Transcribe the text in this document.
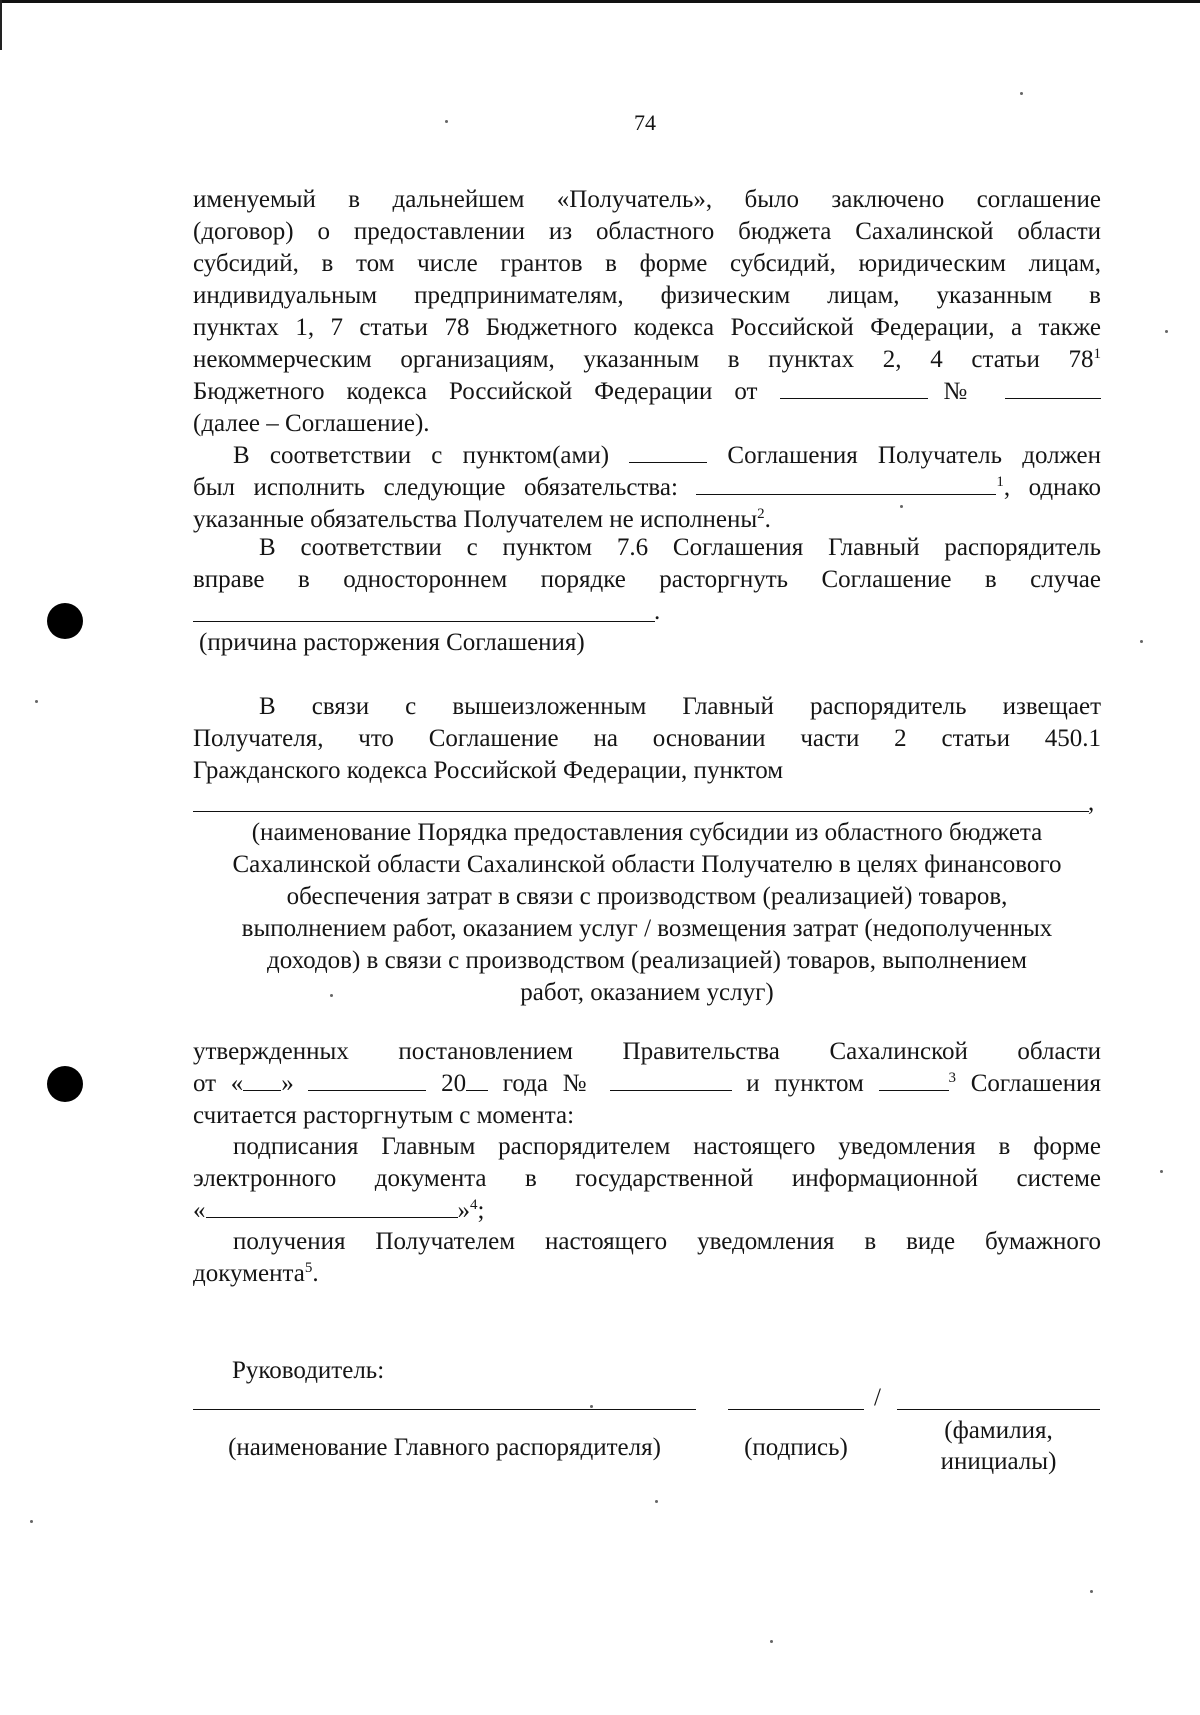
74
именуемый в дальнейшем «Получатель», было заключено соглашение
(договор) о предоставлении из областного бюджета Сахалинской области
субсидий, в том числе грантов в форме субсидий, юридическим лицам,
индивидуальным предпринимателям, физическим лицам, указанным в
пунктах 1, 7 статьи 78 Бюджетного кодекса Российской Федерации, а также
некоммерческим организациям, указанным в пунктах 2, 4 статьи $78^1$
Бюджетного кодекса Российской Федерации от	№
(далее – Соглашение).
В соответствии с пунктом(ами)	Соглашения Получатель должен
был исполнить следующие обязательства:	$^1$, однако
указанные обязательства Получателем не исполнены$^2$.
В соответствии с пунктом 7.6 Соглашения Главный распорядитель
вправе в одностороннем порядке расторгнуть Соглашение в случае
.
(причина расторжения Соглашения)
В связи с вышеизложенным Главный распорядитель извещает
Получателя, что Соглашение на основании части 2 статьи 450.1
Гражданского кодекса Российской Федерации, пунктом
,
(наименование Порядка предоставления субсидии из областного бюджета
Сахалинской области Сахалинской области Получателю в целях финансового
обеспечения затрат в связи с производством (реализацией) товаров,
выполнением работ, оказанием услуг / возмещения затрат (недополученных
доходов) в связи с производством (реализацией) товаров, выполнением
работ, оказанием услуг)
утвержденных постановлением Правительства Сахалинской области
от « »	20 года №	и пунктом	$^3$ Соглашения
считается расторгнутым с момента:
подписания Главным распорядителем настоящего уведомления в форме
электронного документа в государственной информационной системе
«	»$^4$;
получения Получателем настоящего уведомления в виде бумажного
документа$^5$.
Руководитель:
/
(наименование Главного распорядителя)	(подпись)
(фамилия,
инициалы)
